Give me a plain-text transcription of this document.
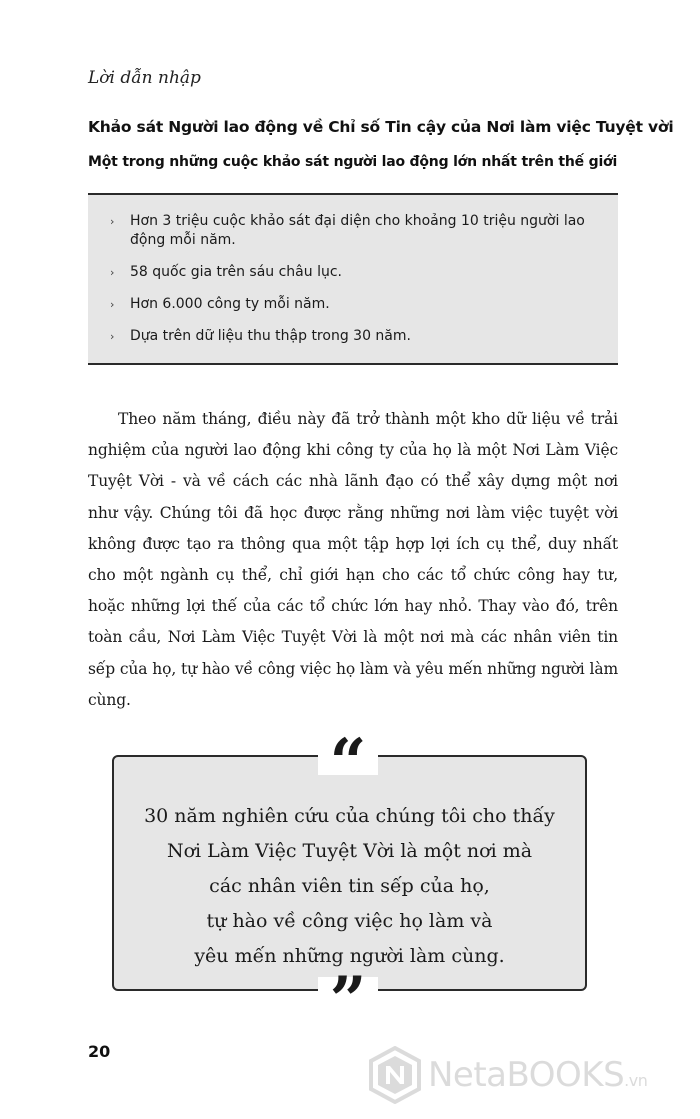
Lời dẫn nhập
Khảo sát Người lao động về Chỉ số Tin cậy của Nơi làm việc Tuyệt vời
Một trong những cuộc khảo sát người lao động lớn nhất trên thế giới
› Hơn 3 triệu cuộc khảo sát đại diện cho khoảng 10 triệu người lao động mỗi năm.
› 58 quốc gia trên sáu châu lục.
› Hơn 6.000 công ty mỗi năm.
› Dựa trên dữ liệu thu thập trong 30 năm.

Theo năm tháng, điều này đã trở thành một kho dữ liệu về trải nghiệm của người lao động khi công ty của họ là một Nơi Làm Việc Tuyệt Vời - và về cách các nhà lãnh đạo có thể xây dựng một nơi như vậy. Chúng tôi đã học được rằng những nơi làm việc tuyệt vời không được tạo ra thông qua một tập hợp lợi ích cụ thể, duy nhất cho một ngành cụ thể, chỉ giới hạn cho các tổ chức công hay tư, hoặc những lợi thế của các tổ chức lớn hay nhỏ. Thay vào đó, trên toàn cầu, Nơi Làm Việc Tuyệt Vời là một nơi mà các nhân viên tin sếp của họ, tự hào về công việc họ làm và yêu mến những người làm cùng.

30 năm nghiên cứu của chúng tôi cho thấy
Nơi Làm Việc Tuyệt Vời là một nơi mà
các nhân viên tin sếp của họ,
tự hào về công việc họ làm và
yêu mến những người làm cùng.
“
”
20
NetaBOOKS.vn
